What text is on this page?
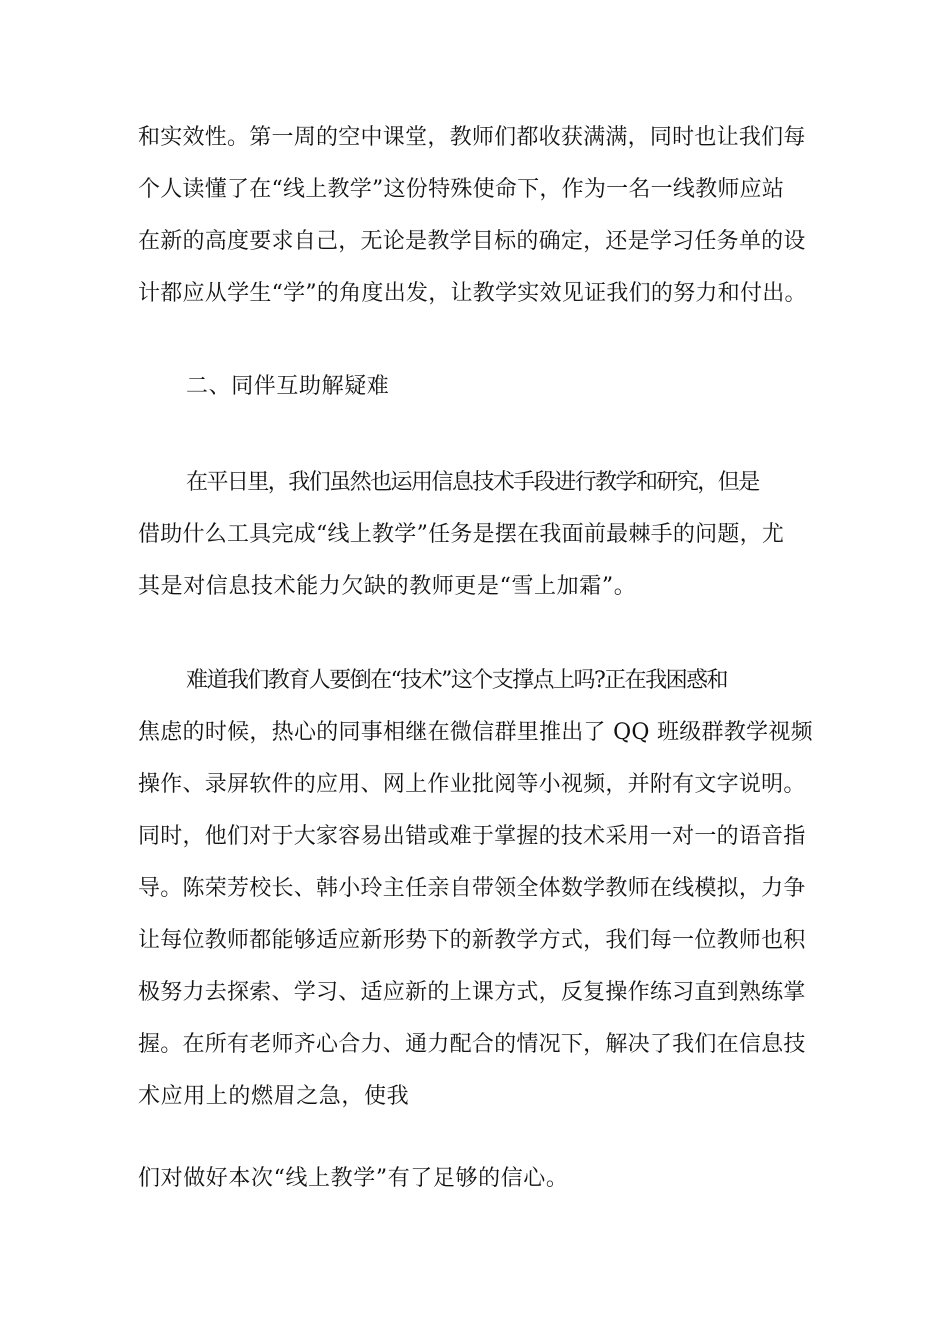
和实效性。第一周的空中课堂，教师们都收获满满，同时也让我们每
个人读懂了在“线上教学”这份特殊使命下，作为一名一线教师应站
在新的高度要求自己，无论是教学目标的确定，还是学习任务单的设
计都应从学生“学”的角度出发，让教学实效见证我们的努力和付出。
二、同伴互助解疑难
在平日里，我们虽然也运用信息技术手段进行教学和研究，但是
借助什么工具完成“线上教学”任务是摆在我面前最棘手的问题，尤
其是对信息技术能力欠缺的教师更是“雪上加霜”。
难道我们教育人要倒在“技术”这个支撑点上吗?正在我困惑和
焦虑的时候，热心的同事相继在微信群里推出了 QQ 班级群教学视频
操作、录屏软件的应用、网上作业批阅等小视频，并附有文字说明。
同时，他们对于大家容易出错或难于掌握的技术采用一对一的语音指
导。陈荣芳校长、韩小玲主任亲自带领全体数学教师在线模拟，力争
让每位教师都能够适应新形势下的新教学方式，我们每一位教师也积
极努力去探索、学习、适应新的上课方式，反复操作练习直到熟练掌
握。在所有老师齐心合力、通力配合的情况下，解决了我们在信息技
术应用上的燃眉之急，使我
们对做好本次“线上教学”有了足够的信心。
